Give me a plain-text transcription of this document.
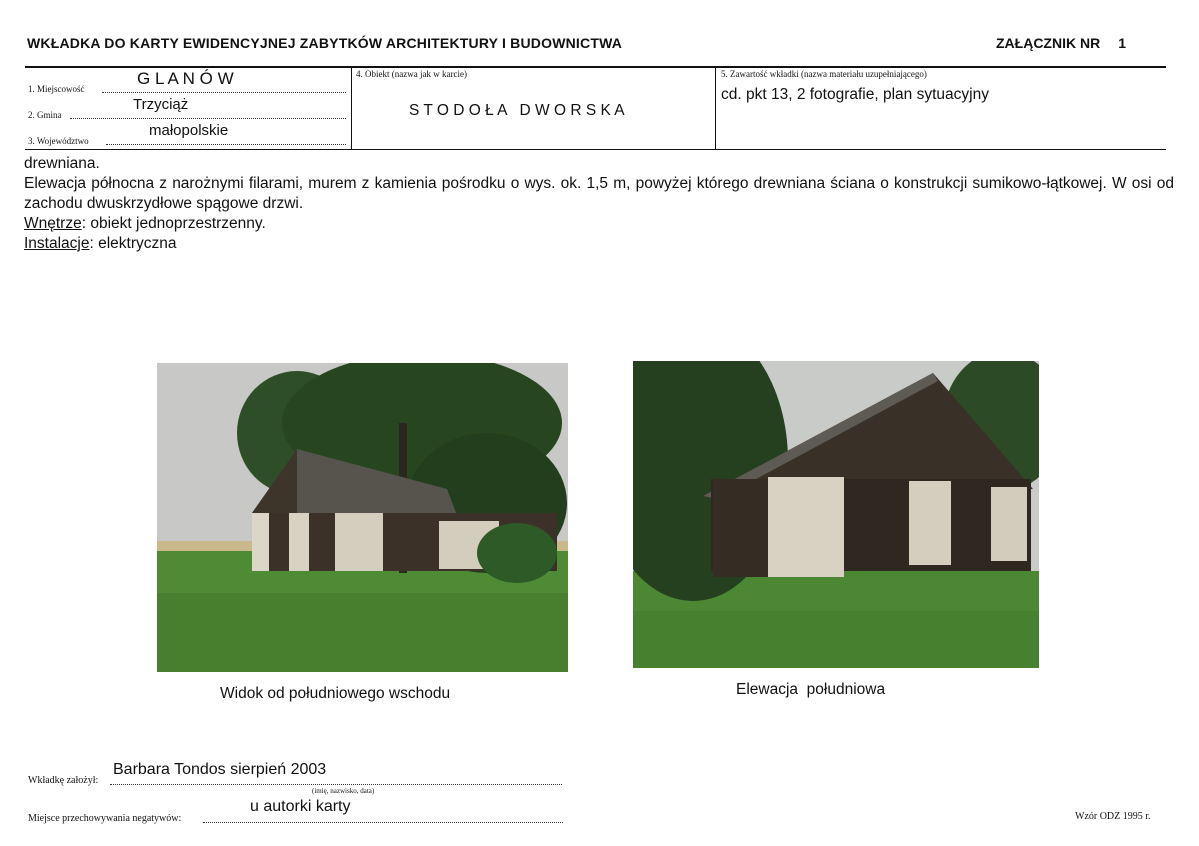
WKŁADKA DO KARTY EWIDENCYJNEJ ZABYTKÓW ARCHITEKTURY I BUDOWNICTWA	ZAŁĄCZNIK NR 1
1. Miejscowość
G L A N Ó W
2. Gmina
Trzyciąż
3. Województwo
małopolskie
4. Obiekt (nazwa jak w karcie)
S T O D O Ł A   D W O R S K A
5. Zawartość wkładki (nazwa materiału uzupełniającego)
cd. pkt 13, 2 fotografie, plan sytuacyjny

drewniana.

Elewacja północna z narożnymi filarami, murem z kamienia pośrodku o wys. ok. 1,5 m, powyżej którego drewniana ściana o konstrukcji sumikowo-łątkowej. W osi od zachodu dwuskrzydłowe spągowe drzwi.

Wnętrze: obiekt jednoprzestrzenny.

Instalacje: elektryczna

Widok od południowego wschodu	Elewacja  południowa
Wkładkę założył:
Barbara Tondos sierpień 2003
(imię, nazwisko, data)
Miejsce przechowywania negatywów:
u autorki karty
Wzór ODZ 1995 r.
